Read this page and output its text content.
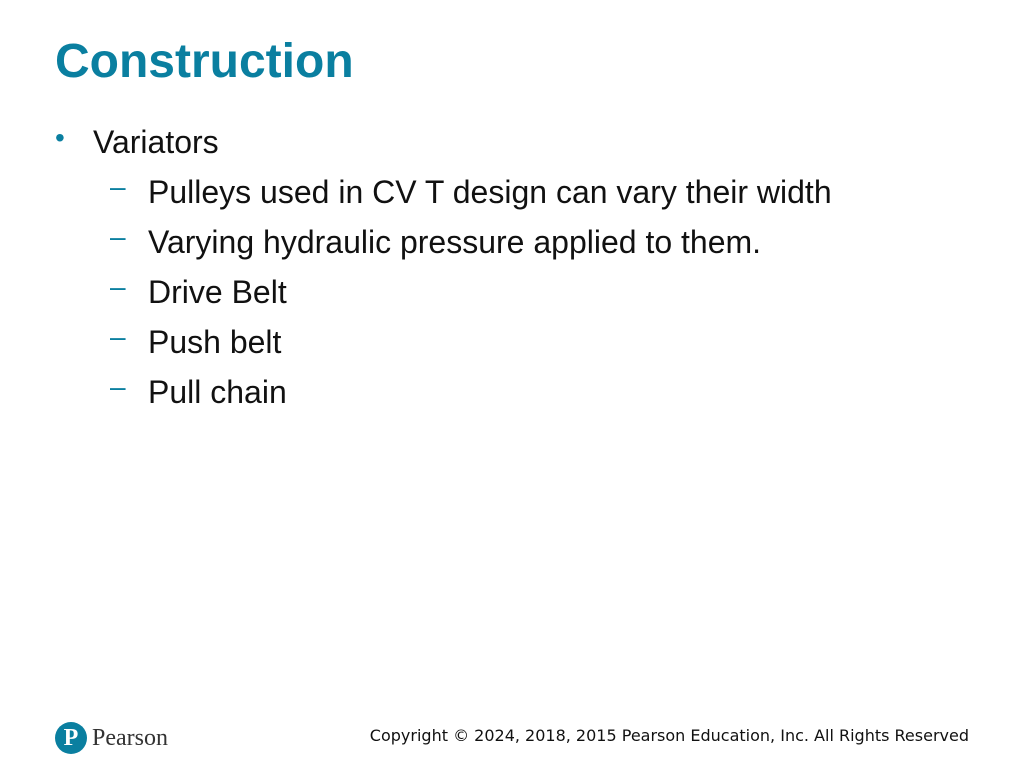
Construction
• Variators
– Pulleys used in CV T design can vary their width
– Varying hydraulic pressure applied to them.
– Drive Belt
– Push belt
– Pull chain
P Pearson	Copyright © 2024, 2018, 2015 Pearson Education, Inc. All Rights Reserved
